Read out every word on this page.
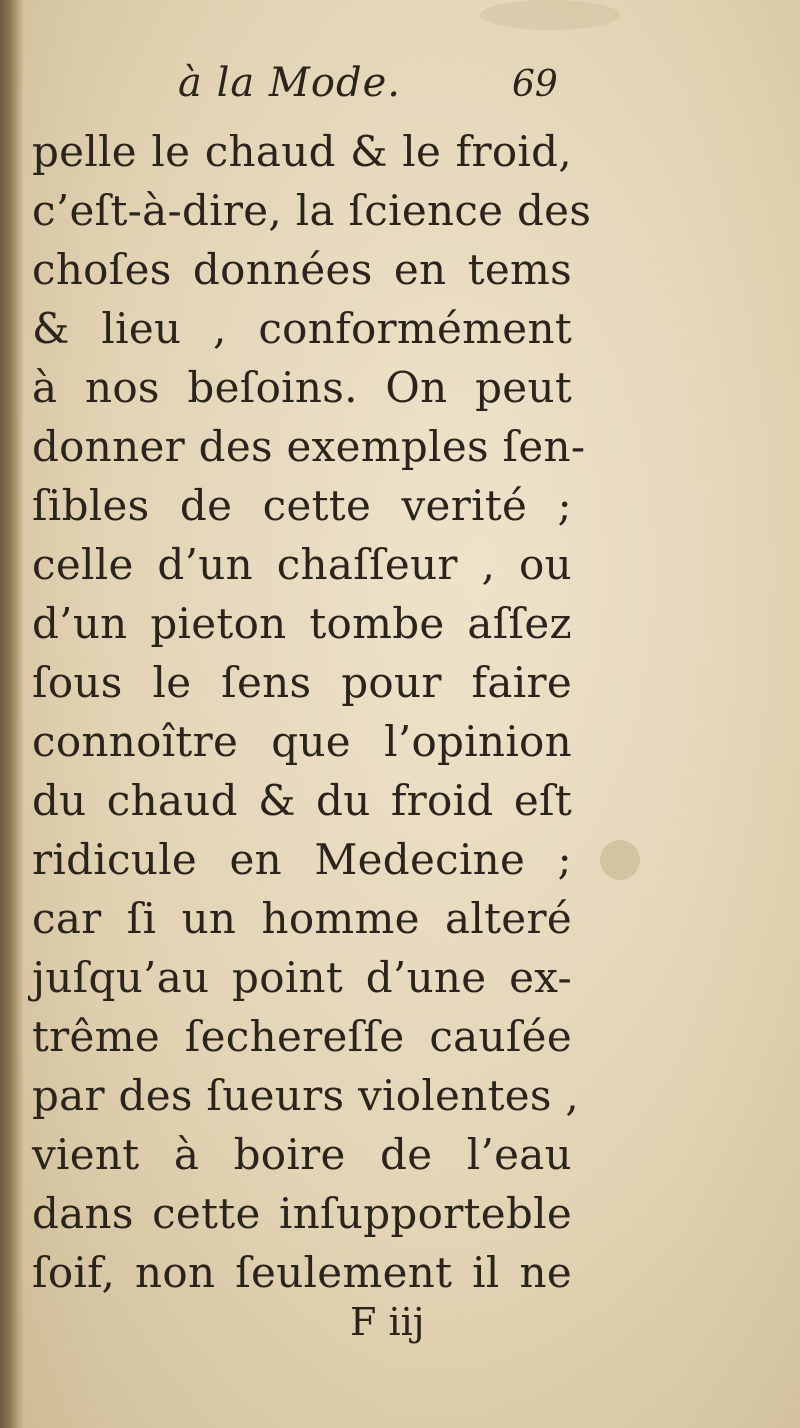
à la Mode.	69
pelle le chaud & le froid,
c’eſt-à-dire, la ſcience des
choſes données en tems
& lieu , conformément
à nos beſoins. On peut
donner des exemples ſen-
ſibles de cette verité ;
celle d’un chaſſeur , ou
d’un pieton tombe aſſez
ſous le ſens pour faire
connoître que l’opinion
du chaud & du froid eſt
ridicule en Medecine ;
car ſi un homme alteré
juſqu’au point d’une ex-
trême ſechereſſe cauſée
par des ſueurs violentes ,
vient à boire de l’eau
dans cette inſupporteble
ſoif, non ſeulement il ne
F iij
